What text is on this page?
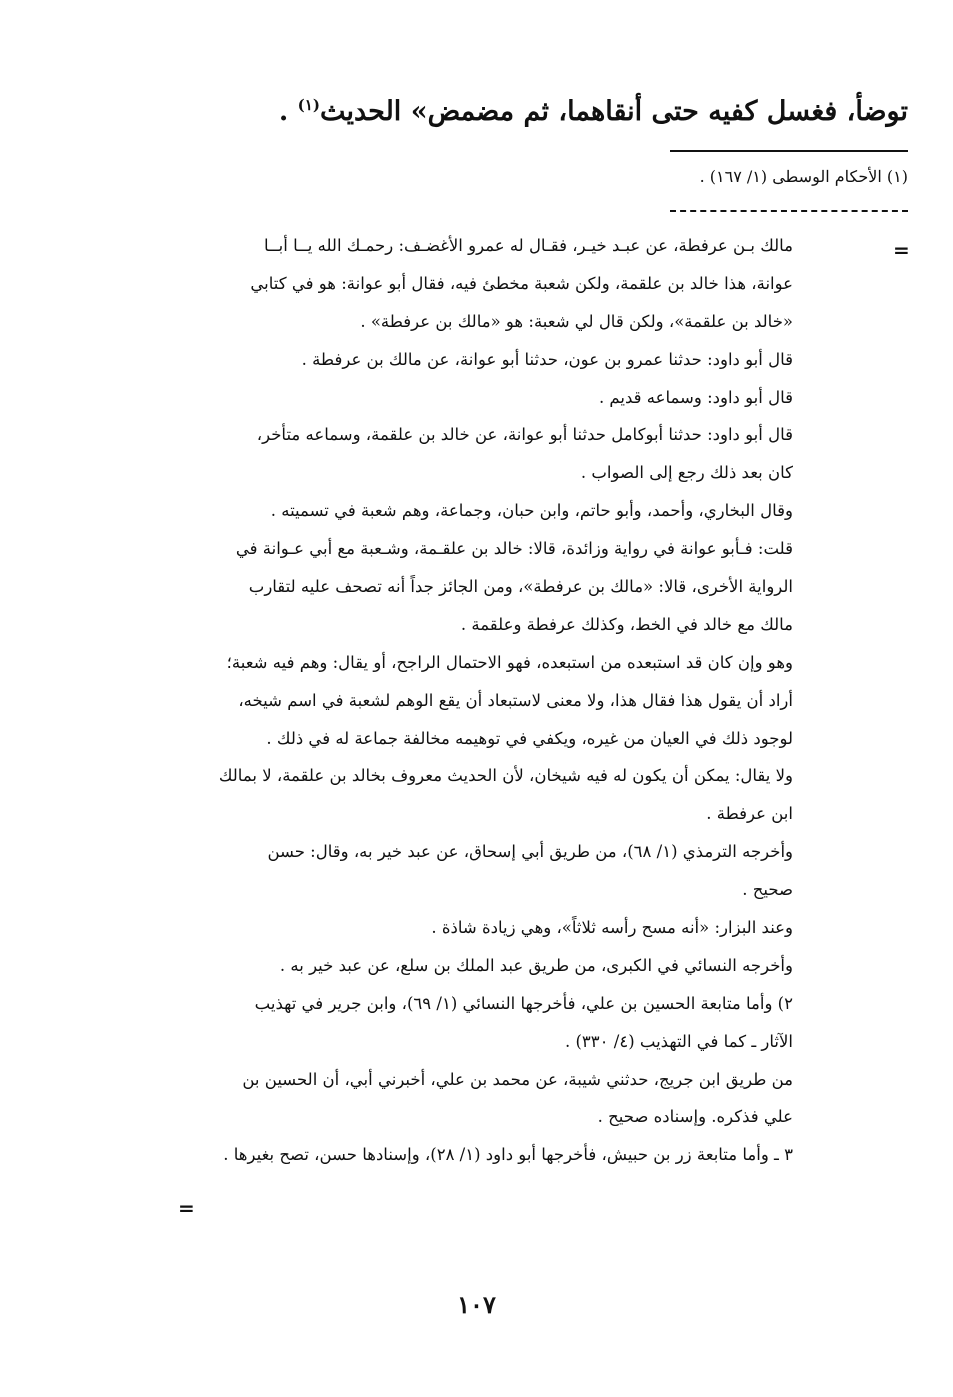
توضأ، فغسل كفيه حتى أنقاهما، ثم مضمض» الحديث$^{(١)}$ .
(١) الأحكام الوسطى (١/ ١٦٧) .
=
مالك بـن عرفطة، عن عبـد خيـر، فقـال له عمرو الأغضـف: رحمـك الله يــا أبــا
عوانة، هذا خالد بن علقمة، ولكن شعبة مخطئ فيه، فقال أبو عوانة: هو في كتابي
«خالد بن علقمة»، ولكن قال لي شعبة: هو «مالك بن عرفطة» .
قال أبو داود: حدثنا عمرو بن عون، حدثنا أبو عوانة، عن مالك بن عرفطة .
قال أبو داود: وسماعه قديم .
قال أبو داود: حدثنا أبوكامل حدثنا أبو عوانة، عن خالد بن علقمة، وسماعه متأخر،
كان بعد ذلك رجع إلى الصواب .
وقال البخاري، وأحمد، وأبو حاتم، وابن حبان، وجماعة، وهم شعبة في تسميته .
قلت: فـأبو عوانة في رواية وزائدة، قالا: خالد بن علقـمة، وشـعبة مع أبي عـوانة في
الرواية الأخرى، قالا: «مالك بن عرفطة»، ومن الجائز جداً أنه تصحف عليه لتقارب
مالك مع خالد في الخط، وكذلك عرفطة وعلقمة .
وهو وإن كان قد استبعده من استبعده، فهو الاحتمال الراجح، أو يقال: وهم فيه شعبة؛
أراد أن يقول هذا فقال هذا، ولا معنى لاستبعاد أن يقع الوهم لشعبة في اسم شيخه،
لوجود ذلك في العيان من غيره، ويكفي في توهيمه مخالفة جماعة له في ذلك .
ولا يقال: يمكن أن يكون له فيه شيخان، لأن الحديث معروف بخالد بن علقمة، لا بمالك
ابن عرفطة .
وأخرجه الترمذي (١/ ٦٨)، من طريق أبي إسحاق، عن عبد خير به، وقال: حسن
صحيح .
وعند البزار: «أنه مسح رأسه ثلاثاً»، وهي زيادة شاذة .
وأخرجه النسائي في الكبرى، من طريق عبد الملك بن سلع، عن عبد خير به .
٢) وأما متابعة الحسين بن علي، فأخرجها النسائي (١/ ٦٩)، وابن جرير في تهذيب
الآثار ـ كما في التهذيب (٤/ ٣٣٠) .
من طريق ابن جريج، حدثني شيبة، عن محمد بن علي، أخبرني أبي، أن الحسين بن
علي فذكره. وإسناده صحيح .
٣ ـ وأما متابعة زر بن حبيش، فأخرجها أبو داود (١/ ٢٨)، وإسنادها حسن، تصح بغيرها .
=
١٠٧
